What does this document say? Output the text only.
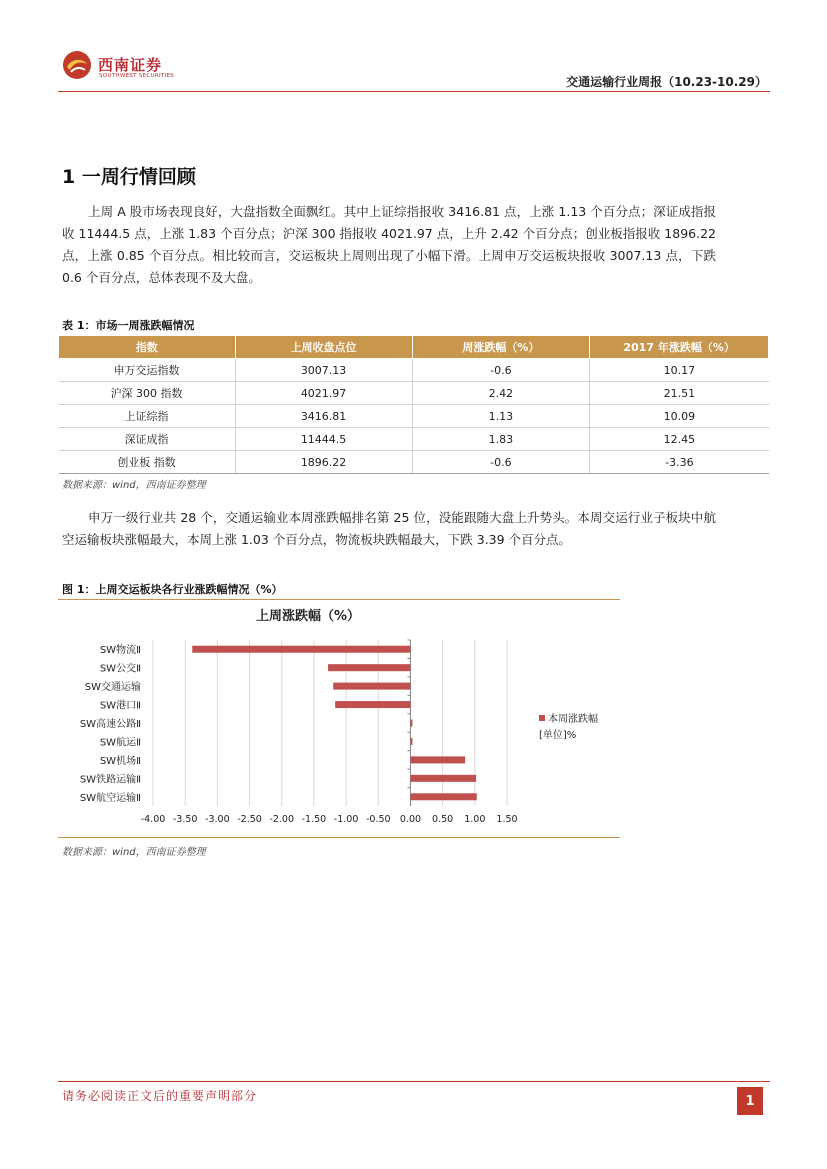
西南证券
SOUTHWEST SECURITIES	交通运输行业周报（10.23-10.29）
1 一周行情回顾
上周 A 股市场表现良好，大盘指数全面飘红。其中上证综指报收 3416.81 点，上涨 1.13 个百分点；深证成指报收 11444.5 点，上涨 1.83 个百分点；沪深 300 指报收 4021.97 点，上升 2.42 个百分点；创业板指报收 1896.22 点，上涨 0.85 个百分点。相比较而言，交运板块上周则出现了小幅下滑。上周申万交运板块报收 3007.13 点，下跌 0.6 个百分点，总体表现不及大盘。
表 1：市场一周涨跌幅情况
指数	上周收盘点位	周涨跌幅（%）	2017 年涨跌幅（%）
申万交运指数	3007.13	-0.6	10.17
沪深 300 指数	4021.97	2.42	21.51
上证综指	3416.81	1.13	10.09
深证成指	11444.5	1.83	12.45
创业板 指数	1896.22	-0.6	-3.36
数据来源：wind，西南证券整理
申万一级行业共 28 个，交通运输业本周涨跌幅排名第 25 位，没能跟随大盘上升势头。本周交运行业子板块中航空运输板块涨幅最大，本周上涨 1.03 个百分点，物流板块跌幅最大，下跌 3.39 个百分点。
图 1：上周交运板块各行业涨跌幅情况（%）
上周涨跌幅（%）
-4.00 -3.50 -3.00 -2.50 -2.00 -1.50 -1.00 -0.50 0.00 0.50 1.00 1.50
SW物流Ⅱ
SW公交Ⅱ
SW交通运输
SW港口Ⅱ
SW高速公路Ⅱ
SW航运Ⅱ
SW机场Ⅱ
SW铁路运输Ⅱ
SW航空运输Ⅱ
本周涨跌幅
[单位]%
数据来源：wind，西南证券整理
请务必阅读正文后的重要声明部分	1
